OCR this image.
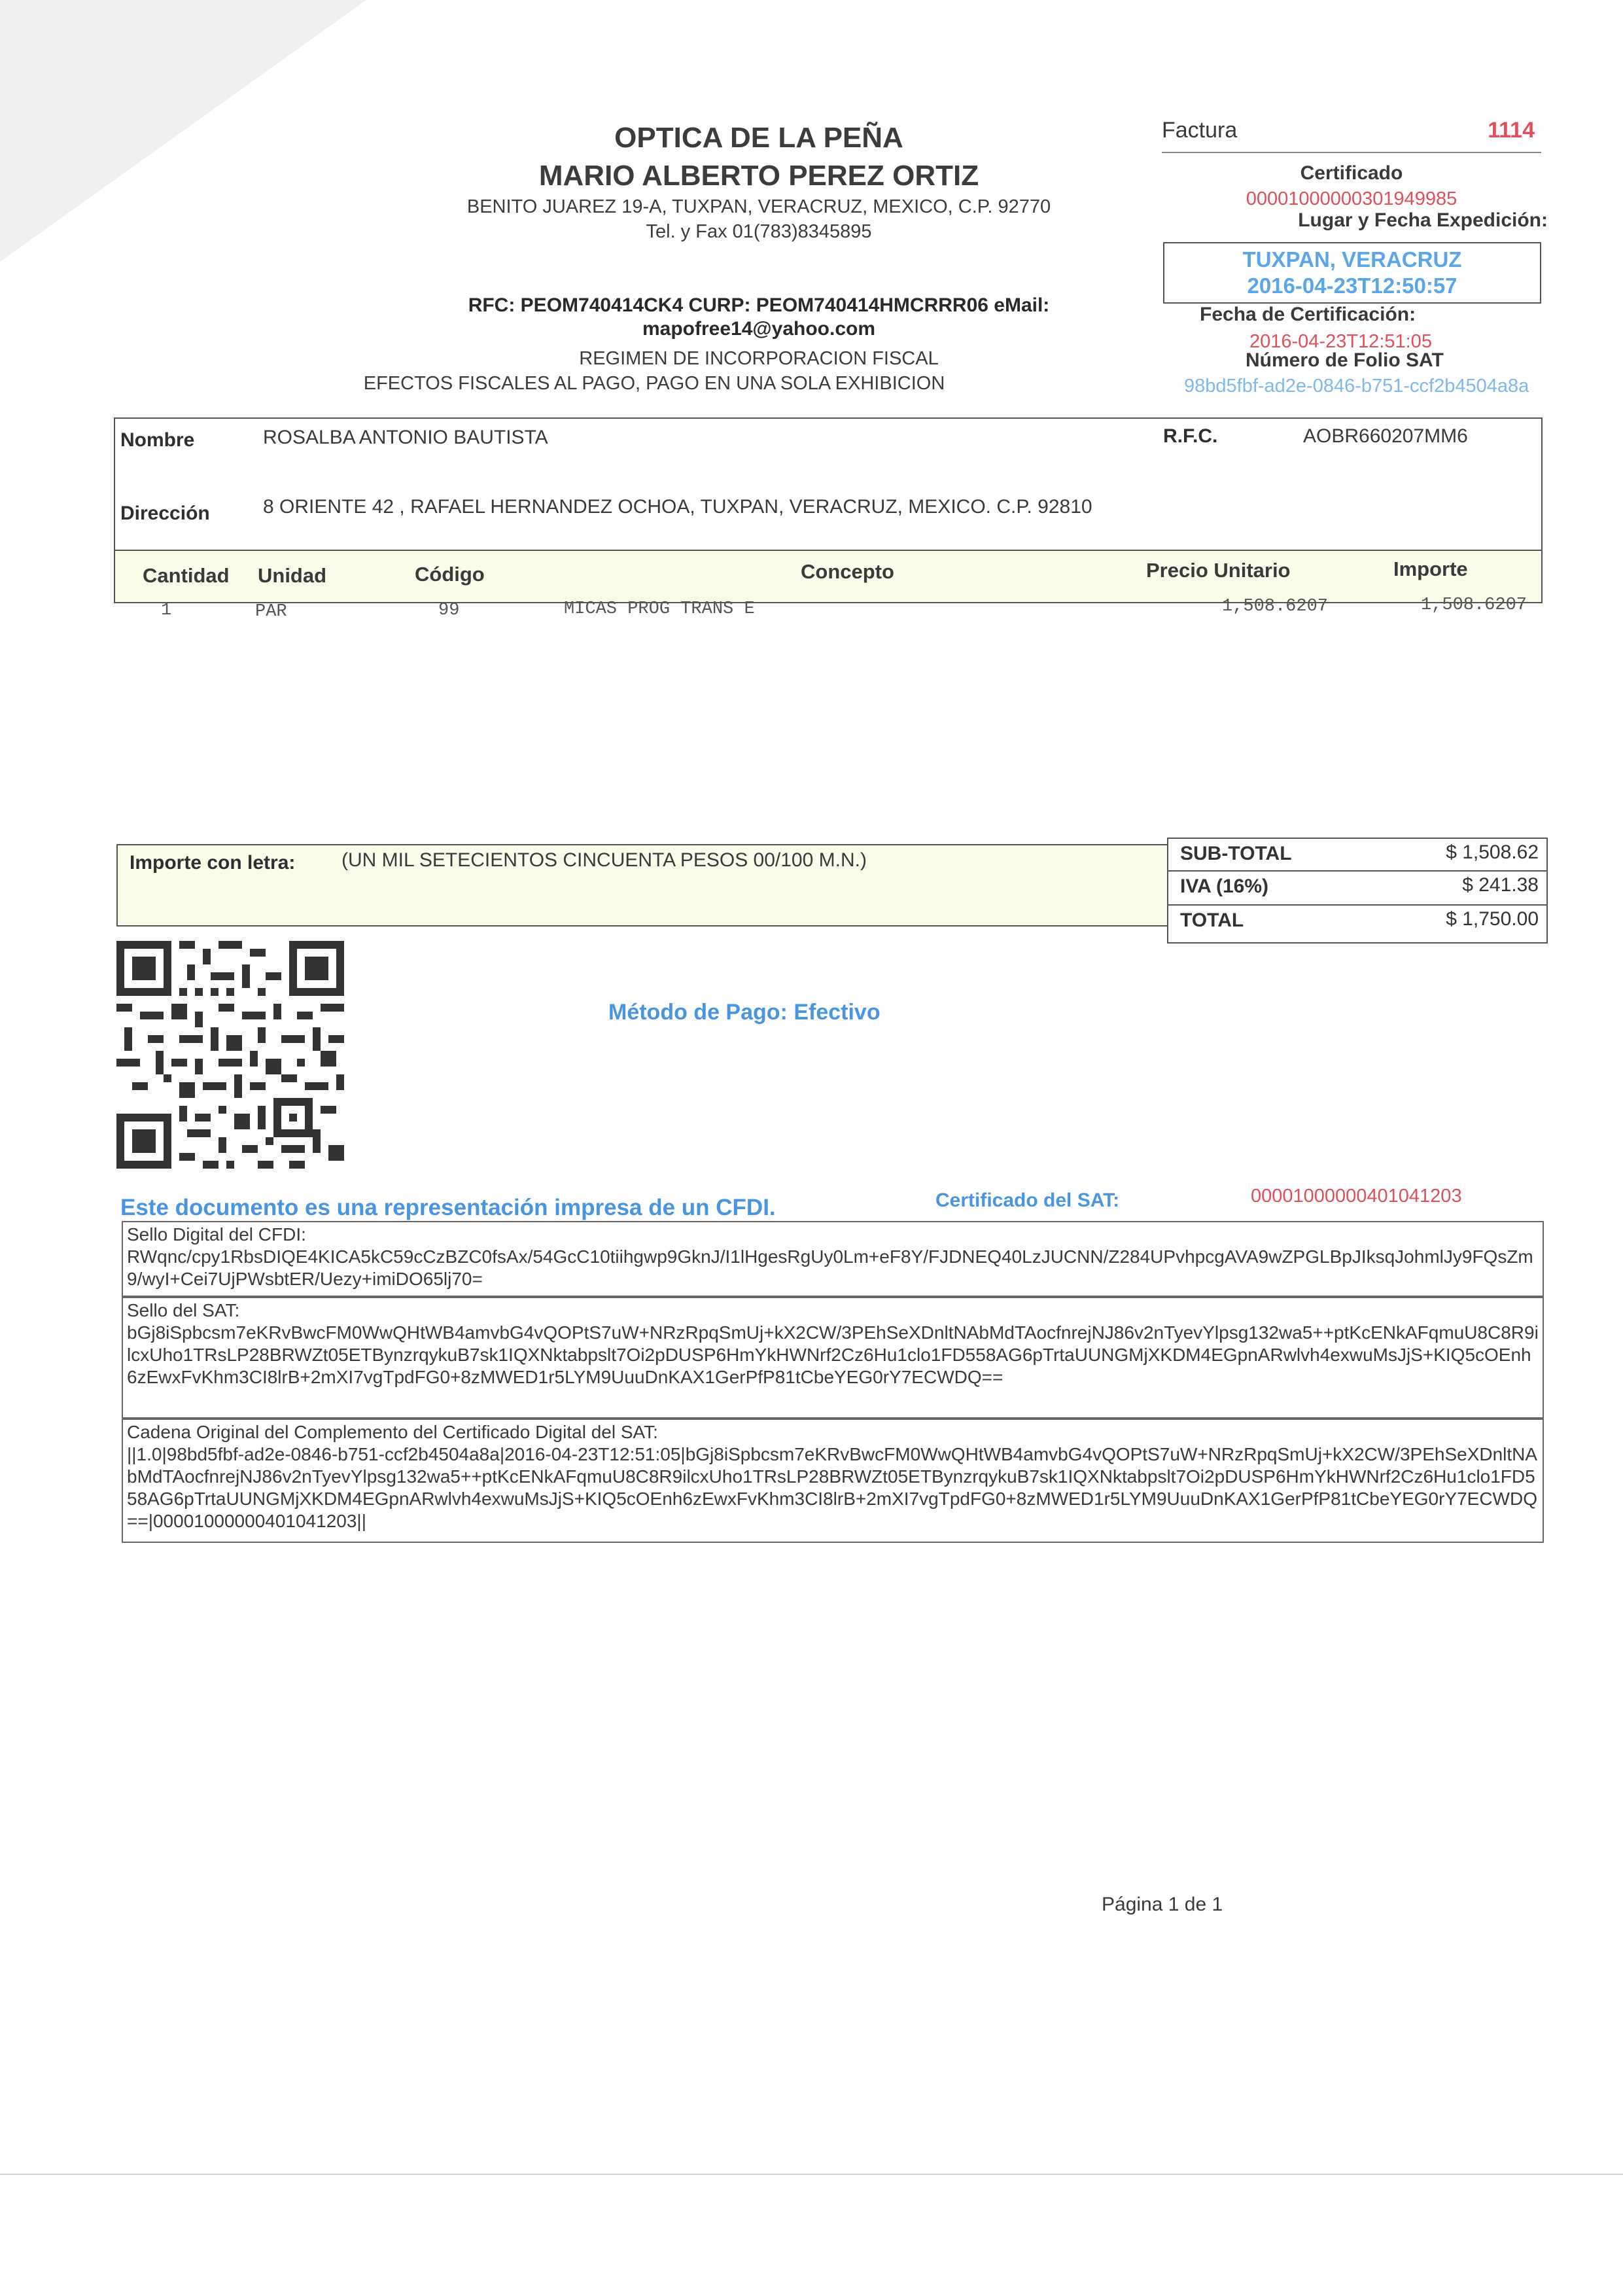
OPTICA DE LA PEÑA
MARIO ALBERTO PEREZ ORTIZ
BENITO JUAREZ 19-A, TUXPAN, VERACRUZ, MEXICO, C.P. 92770
Tel. y Fax 01(783)8345895
RFC: PEOM740414CK4 CURP: PEOM740414HMCRRR06 eMail:
mapofree14@yahoo.com
REGIMEN DE INCORPORACION FISCAL
EFECTOS FISCALES AL PAGO, PAGO EN UNA SOLA EXHIBICION
Factura	1114
Certificado
00001000000301949985
Lugar y Fecha Expedición:
TUXPAN, VERACRUZ
2016-04-23T12:50:57
Fecha de Certificación:
2016-04-23T12:51:05
Número de Folio SAT
98bd5fbf-ad2e-0846-b751-ccf2b4504a8a
Nombre	ROSALBA ANTONIO BAUTISTA	R.F.C.	AOBR660207MM6
Dirección	8 ORIENTE 42 , RAFAEL HERNANDEZ OCHOA, TUXPAN, VERACRUZ, MEXICO. C.P. 92810
Cantidad Unidad	Código	Concepto	Precio Unitario	Importe
1	PAR	99	MICAS PROG TRANS E	1,508.6207	1,508.6207
Importe con letra: (UN MIL SETECIENTOS CINCUENTA PESOS 00/100 M.N.)	SUB-TOTAL	$ 1,508.62
IVA (16%)	$ 241.38
TOTAL	$ 1,750.00
Método de Pago: Efectivo
Este documento es una representación impresa de un CFDI.	Certificado del SAT:	00001000000401041203
Sello Digital del CFDI:
RWqnc/cpy1RbsDIQE4KICA5kC59cCzBZC0fsAx/54GcC10tiihgwp9GknJ/I1lHgesRgUy0Lm+eF8Y/FJDNEQ40LzJUCNN/Z284UPvhpcgAVA9wZPGLBpJIksqJohmlJy9FQsZm9/wyI+Cei7UjPWsbtER/Uezy+imiDO65lj70=
Sello del SAT:
bGj8iSpbcsm7eKRvBwcFM0WwQHtWB4amvbG4vQOPtS7uW+NRzRpqSmUj+kX2CW/3PEhSeXDnltNAbMdTAocfnrejNJ86v2nTyevYlpsg132wa5++ptKcENkAFqmuU8C8R9ilcxUho1TRsLP28BRWZt05ETBynzrqykuB7sk1IQXNktabpslt7Oi2pDUSP6HmYkHWNrf2Cz6Hu1clo1FD558AG6pTrtaUUNGMjXKDM4EGpnARwlvh4exwuMsJjS+KIQ5cOEnh6zEwxFvKhm3CI8lrB+2mXI7vgTpdFG0+8zMWED1r5LYM9UuuDnKAX1GerPfP81tCbeYEG0rY7ECWDQ==
Cadena Original del Complemento del Certificado Digital del SAT:
||1.0|98bd5fbf-ad2e-0846-b751-ccf2b4504a8a|2016-04-23T12:51:05|bGj8iSpbcsm7eKRvBwcFM0WwQHtWB4amvbG4vQOPtS7uW+NRzRpqSmUj+kX2CW/3PEhSeXDnltNAbMdTAocfnrejNJ86v2nTyevYlpsg132wa5++ptKcENkAFqmuU8C8R9ilcxUho1TRsLP28BRWZt05ETBynzrqykuB7sk1IQXNktabpslt7Oi2pDUSP6HmYkHWNrf2Cz6Hu1clo1FD558AG6pTrtaUUNGMjXKDM4EGpnARwlvh4exwuMsJjS+KIQ5cOEnh6zEwxFvKhm3CI8lrB+2mXI7vgTpdFG0+8zMWED1r5LYM9UuuDnKAX1GerPfP81tCbeYEG0rY7ECWDQ==|00001000000401041203||
Página 1 de 1
